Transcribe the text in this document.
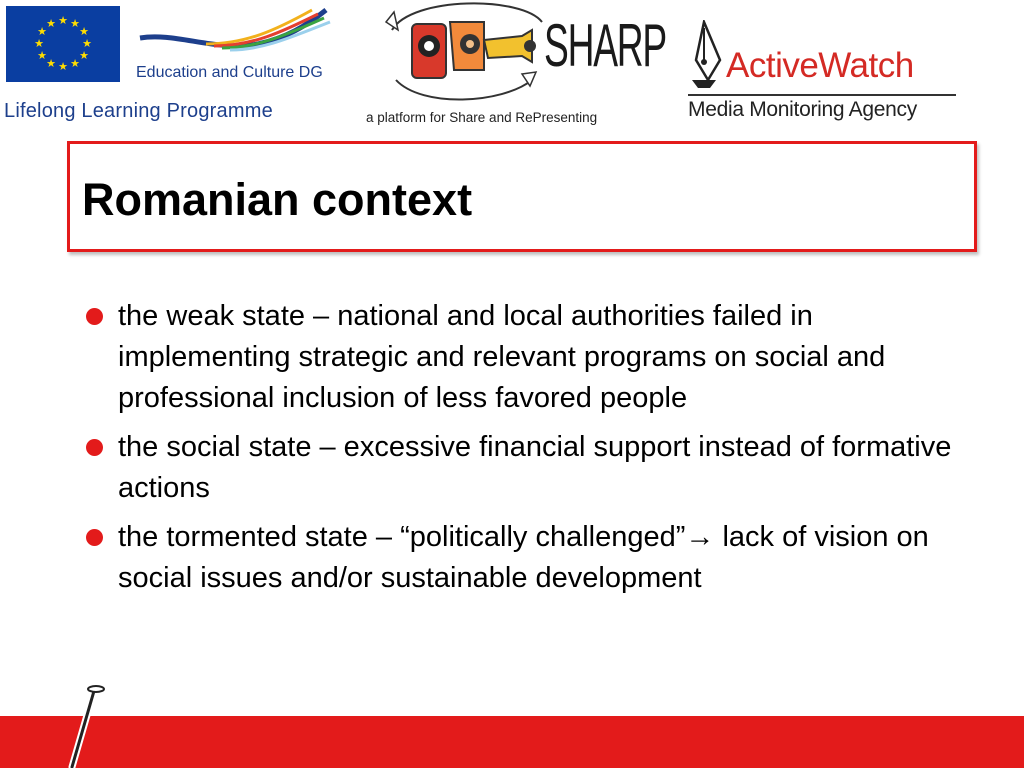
★ ★
★
★
★
★
★
★
★
★
★
★
Education and Culture DG
Lifelong Learning Programme
SHARP
a platform for Share and RePresenting
ActiveWatch
Media Monitoring Agency
Romanian context
the weak state – national and local authorities failed in implementing strategic and relevant programs on social and professional inclusion of less favored people
the social state – excessive financial support instead of formative actions
the tormented state – “politically challenged”→ lack of vision on social issues and/or sustainable development
